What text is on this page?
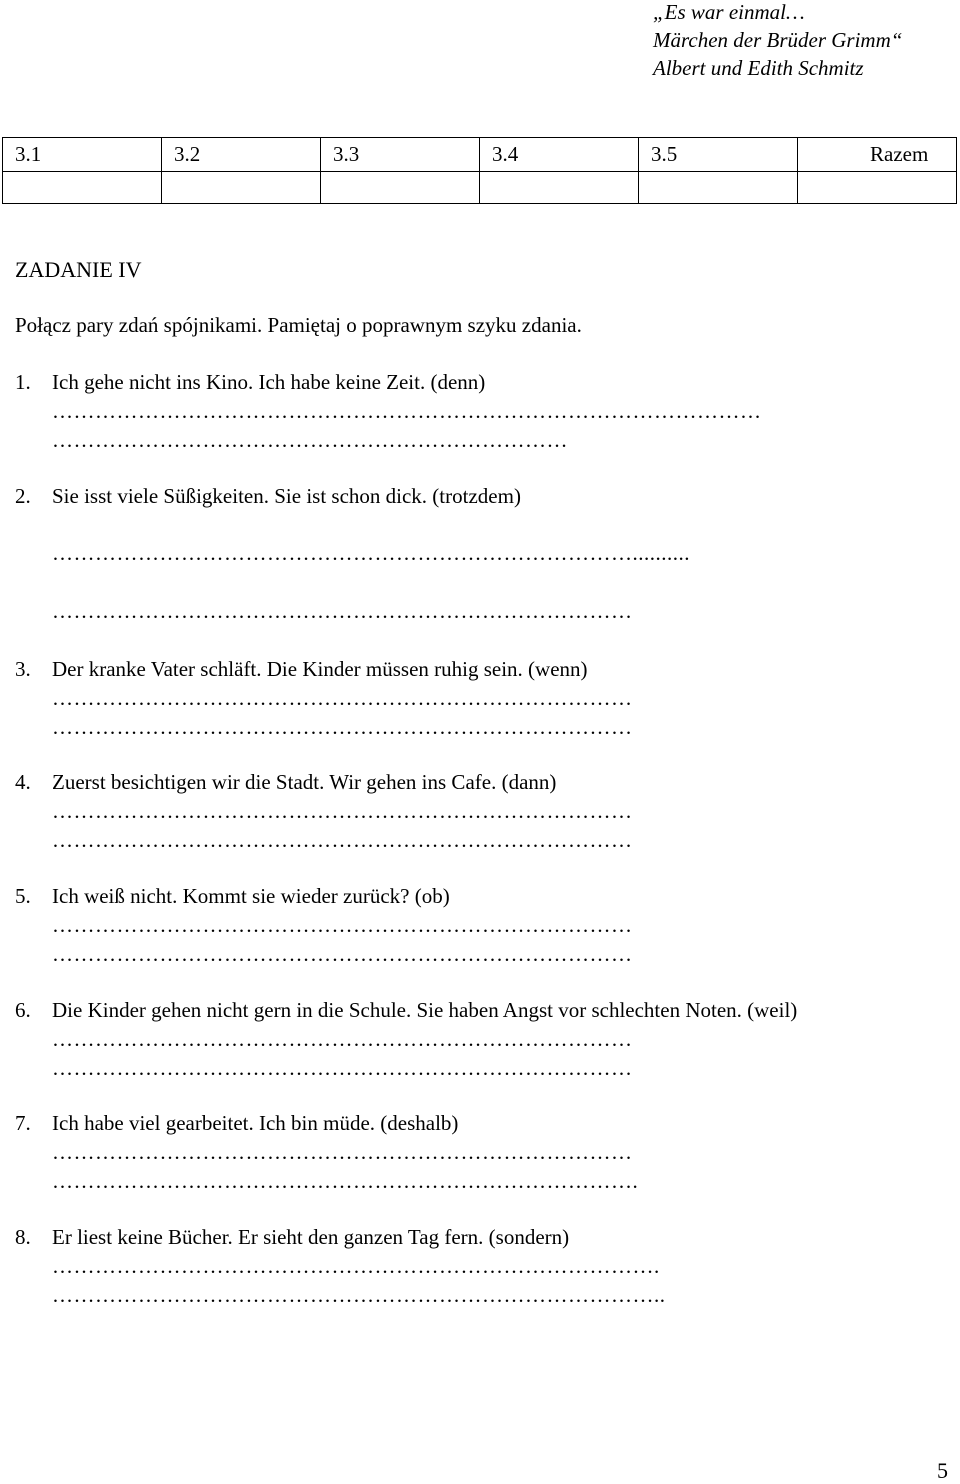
„Es war einmal…
Märchen der Brüder Grimm“
Albert und Edith Schmitz
3.1	3.2	3.3	3.4	3.5	Razem

ZADANIE IV
Połącz pary zdań spójnikami. Pamiętaj o poprawnym szyku zdania.
1. Ich gehe nicht ins Kino. Ich habe keine Zeit. (denn)
………………………………………………………………………………………
………………………………………………………………
2. Sie isst viele Süßigkeiten. Sie ist schon dick. (trotzdem)
………………………………………………………………………..........
………………………………………………………………………
3. Der kranke Vater schläft. Die Kinder müssen ruhig sein. (wenn)
………………………………………………………………………
………………………………………………………………………
4. Zuerst besichtigen wir die Stadt. Wir gehen ins Cafe. (dann)
………………………………………………………………………
………………………………………………………………………
5. Ich weiß nicht. Kommt sie wieder zurück? (ob)
………………………………………………………………………
………………………………………………………………………
6. Die Kinder gehen nicht gern in die Schule. Sie haben Angst vor schlechten Noten. (weil)
………………………………………………………………………
………………………………………………………………………
7. Ich habe viel gearbeitet. Ich bin müde. (deshalb)
………………………………………………………………………
……………………………………………………………………….
8. Er liest keine Bücher. Er sieht den ganzen Tag fern. (sondern)
………………………………………………………………………….
…………………………………………………………………………..
5
